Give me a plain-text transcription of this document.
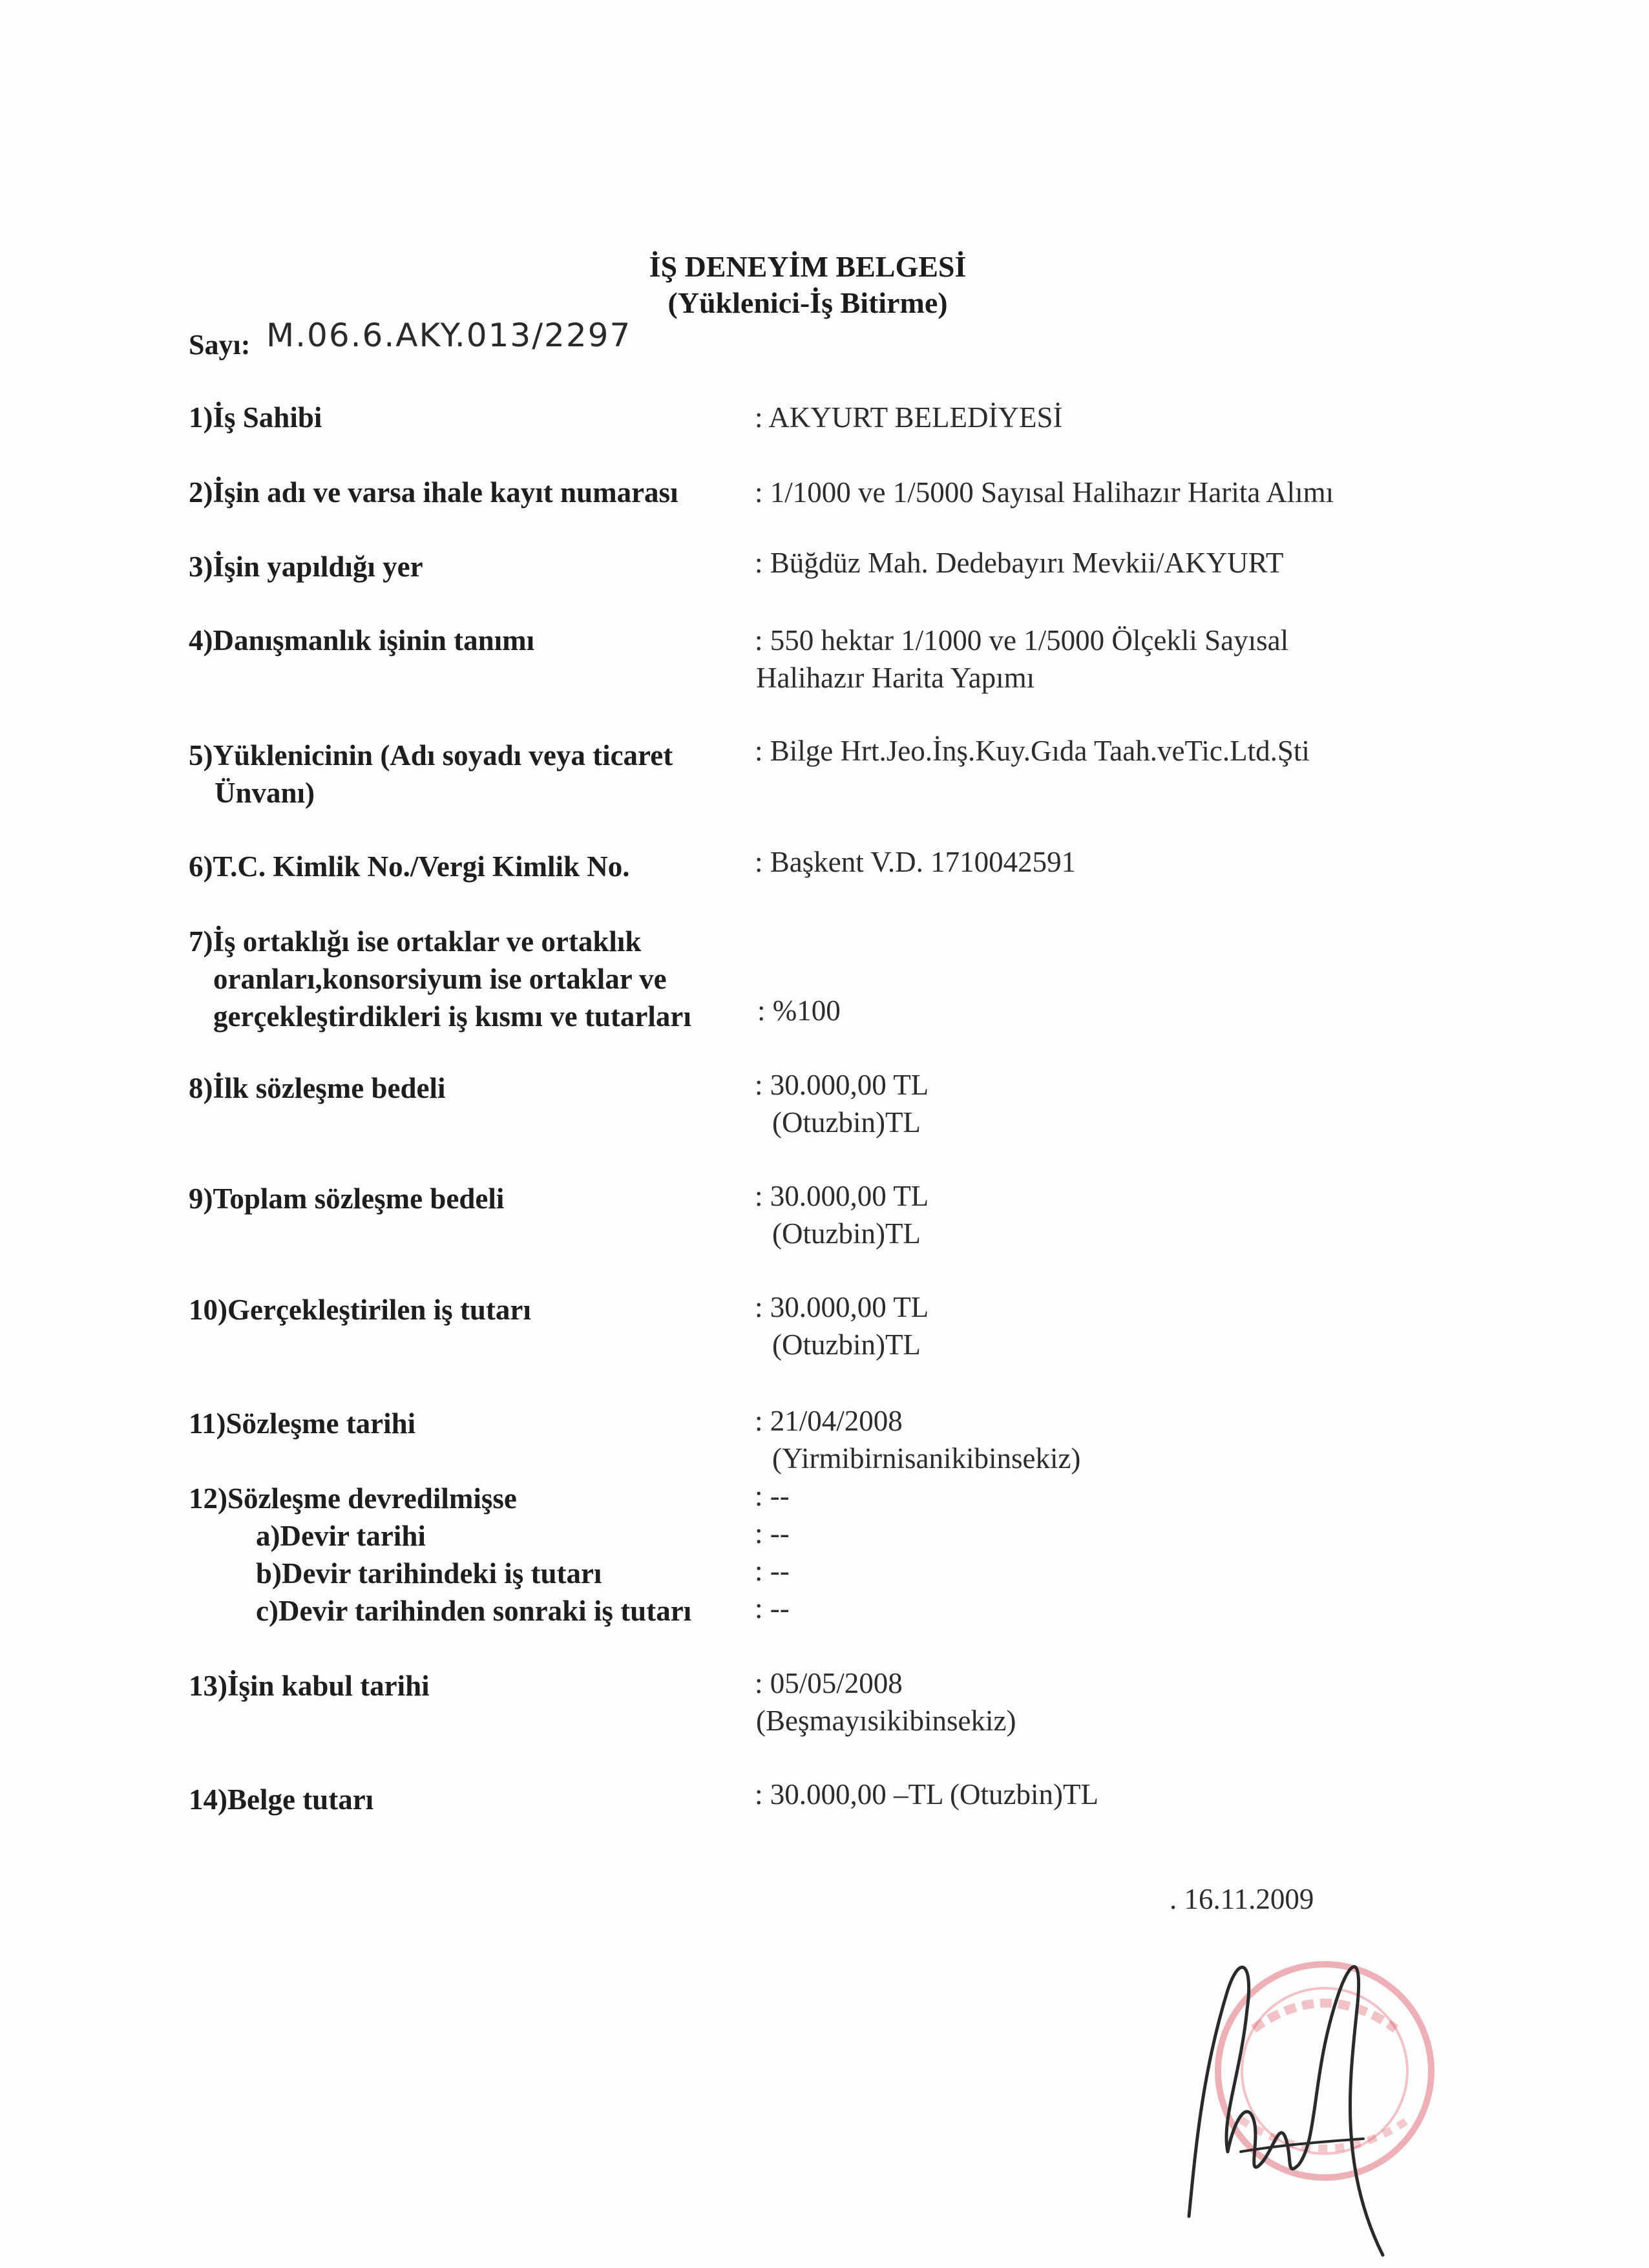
İŞ DENEYİM BELGESİ
(Yüklenici-İş Bitirme)
Sayı: M.06.6.AKY.013/2297
1)İş Sahibi	: AKYURT BELEDİYESİ
2)İşin adı ve varsa ihale kayıt numarası	: 1/1000 ve 1/5000 Sayısal Halihazır Harita Alımı
3)İşin yapıldığı yer	: Büğdüz Mah. Dedebayırı Mevkii/AKYURT
4)Danışmanlık işinin tanımı	: 550 hektar 1/1000 ve 1/5000 Ölçekli Sayısal
Halihazır Harita Yapımı
5)Yüklenicinin (Adı soyadı veya ticaret
Ünvanı)
: Bilge Hrt.Jeo.İnş.Kuy.Gıda Taah.veTic.Ltd.Şti
6)T.C. Kimlik No./Vergi Kimlik No.	: Başkent V.D. 1710042591
7)İş ortaklığı ise ortaklar ve ortaklık
oranları,konsorsiyum ise ortaklar ve
gerçekleştirdikleri iş kısmı ve tutarları : %100
8)İlk sözleşme bedeli	: 30.000,00 TL
(Otuzbin)TL
9)Toplam sözleşme bedeli	: 30.000,00 TL
(Otuzbin)TL
10)Gerçekleştirilen iş tutarı	: 30.000,00 TL
(Otuzbin)TL
11)Sözleşme tarihi	: 21/04/2008
(Yirmibirnisanikibinsekiz)
12)Sözleşme devredilmişse	: --
a)Devir tarihi	: --
b)Devir tarihindeki iş tutarı	: --
c)Devir tarihinden sonraki iş tutarı : --
13)İşin kabul tarihi	: 05/05/2008
(Beşmayısikibinsekiz)
14)Belge tutarı	: 30.000,00 –TL (Otuzbin)TL
. 16.11.2009
